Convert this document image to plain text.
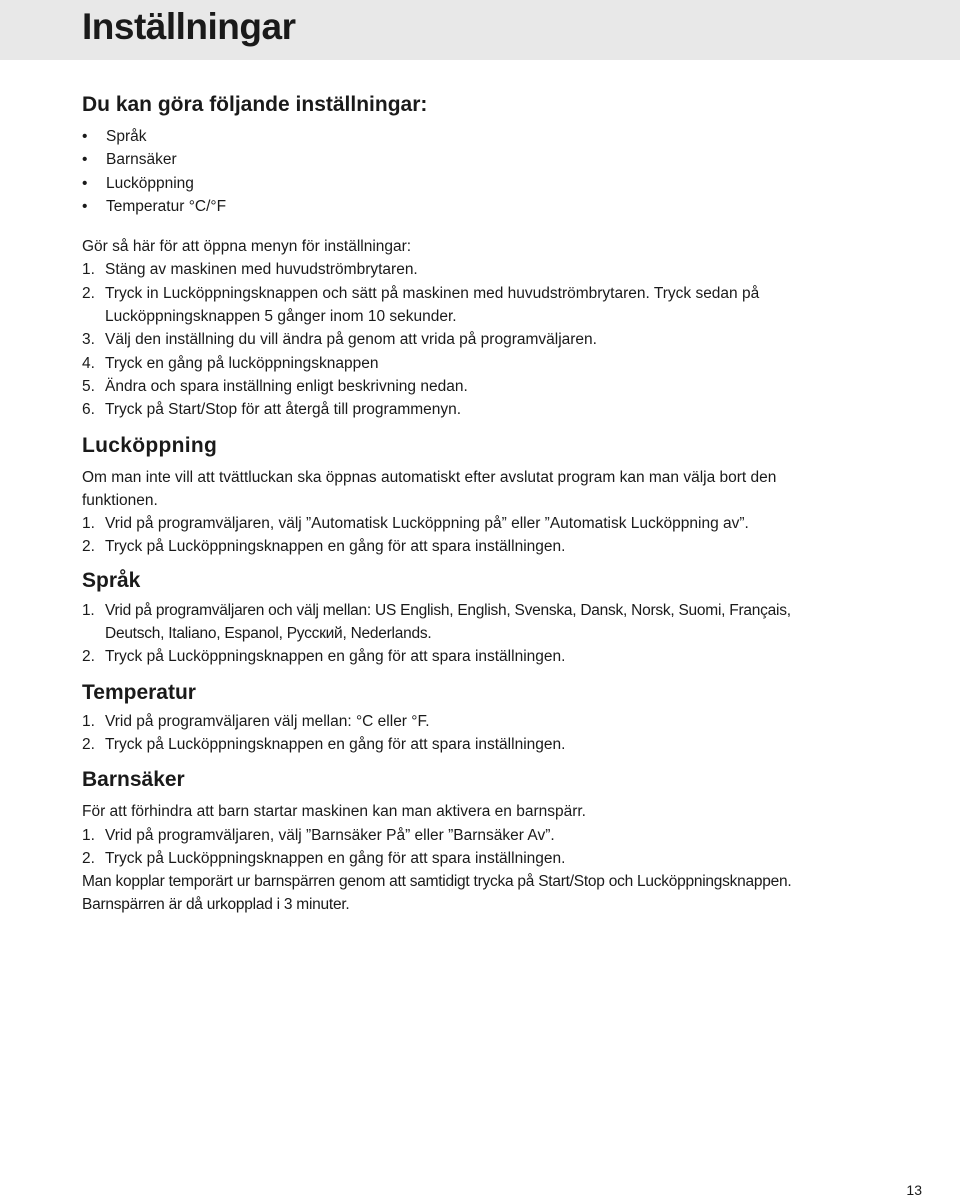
Inställningar
Du kan göra följande inställningar:
• Språk
• Barnsäker
• Lucköppning
• Temperatur °C/°F

Gör så här för att öppna menyn för inställningar:

1. Stäng av maskinen med huvudströmbrytaren.
2. Tryck in Lucköppningsknappen och sätt på maskinen med huvudströmbrytaren. Tryck sedan på
Lucköppningsknappen 5 gånger inom 10 sekunder.
3. Välj den inställning du vill ändra på genom att vrida på programväljaren.
4. Tryck en gång på lucköppningsknappen
5. Ändra och spara inställning enligt beskrivning nedan.
6. Tryck på Start/Stop för att återgå till programmenyn.
Lucköppning

Om man inte vill att tvättluckan ska öppnas automatiskt efter avslutat program kan man välja bort den
funktionen.

1. Vrid på programväljaren, välj ”Automatisk Lucköppning på” eller ”Automatisk Lucköppning av”.
2. Tryck på Lucköppningsknappen en gång för att spara inställningen.
Språk
1. Vrid på programväljaren och välj mellan: US English, English, Svenska, Dansk, Norsk, Suomi, Français,
Deutsch, Italiano, Espanol, Русский, Nederlands.
2. Tryck på Lucköppningsknappen en gång för att spara inställningen.
Temperatur
1. Vrid på programväljaren välj mellan: °C eller °F.
2. Tryck på Lucköppningsknappen en gång för att spara inställningen.
Barnsäker

För att förhindra att barn startar maskinen kan man aktivera en barnspärr.

1. Vrid på programväljaren, välj ”Barnsäker På” eller ”Barnsäker Av”.
2. Tryck på Lucköppningsknappen en gång för att spara inställningen.

Man kopplar temporärt ur barnspärren genom att samtidigt trycka på Start/Stop och Lucköppningsknappen.
Barnspärren är då urkopplad i 3 minuter.

13
